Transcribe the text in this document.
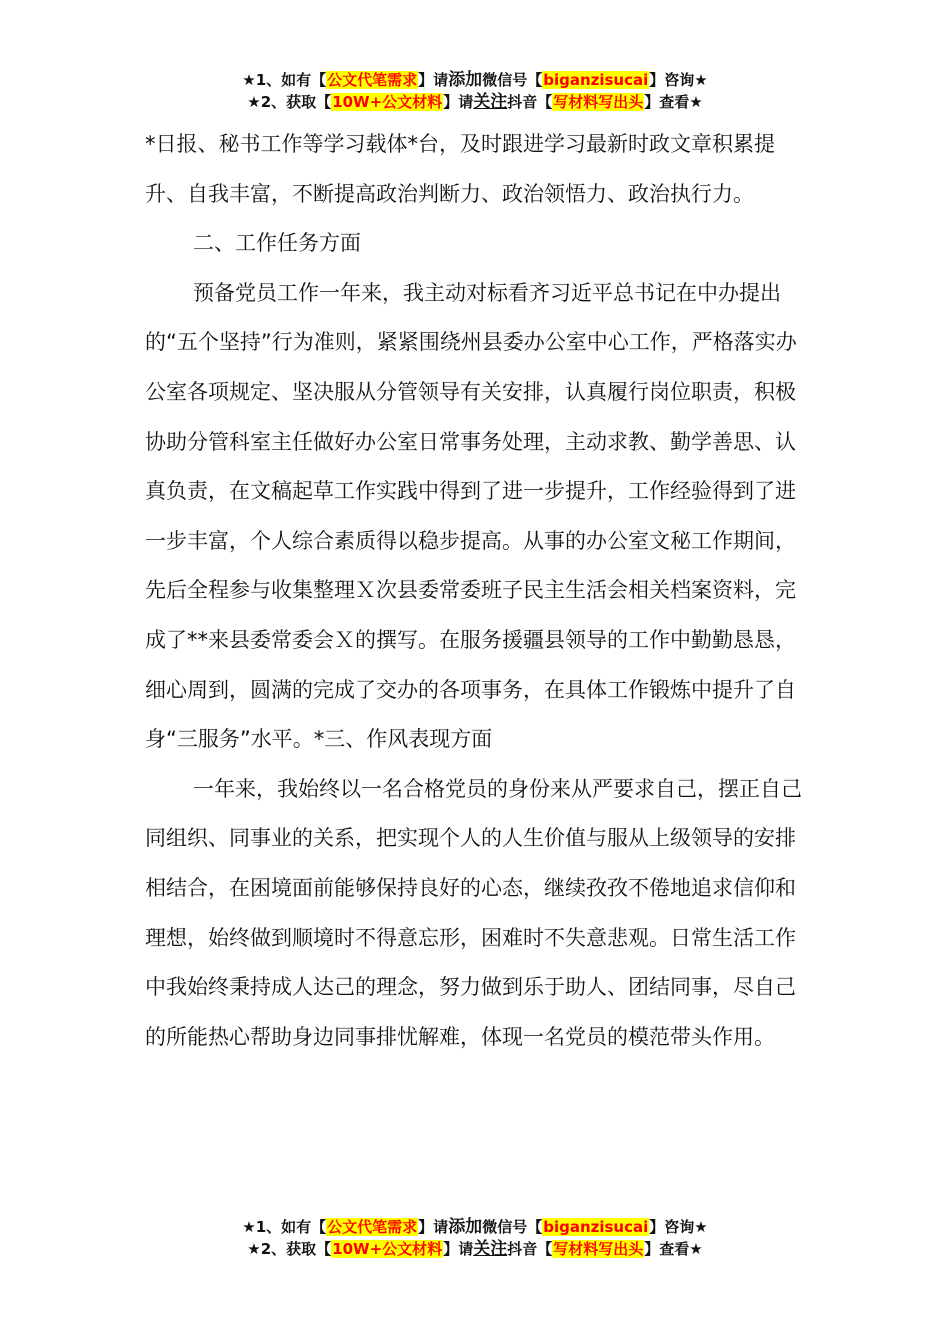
★1、如有【公文代笔需求】请添加微信号【biganzisucai】咨询★
★2、获取【10W+公文材料】请关注抖音【写材料写出头】查看★

*日报、秘书工作等学习载体*台，及时跟进学习最新时政文章积累提升、自我丰富，不断提高政治判断力、政治领悟力、政治执行力。

二、工作任务方面

预备党员工作一年来，我主动对标看齐习近平总书记在中办提出的“五个坚持”行为准则，紧紧围绕州县委办公室中心工作，严格落实办公室各项规定、坚决服从分管领导有关安排，认真履行岗位职责，积极协助分管科室主任做好办公室日常事务处理，主动求教、勤学善思、认真负责，在文稿起草工作实践中得到了进一步提升，工作经验得到了进一步丰富，个人综合素质得以稳步提高。从事的办公室文秘工作期间，先后全程参与收集整理Ｘ次县委常委班子民主生活会相关档案资料，完成了**来县委常委会Ｘ的撰写。在服务援疆县领导的工作中勤勤恳恳，细心周到，圆满的完成了交办的各项事务，在具体工作锻炼中提升了自身“三服务”水平。*三、作风表现方面

一年来，我始终以一名合格党员的身份来从严要求自己，摆正自己同组织、同事业的关系，把实现个人的人生价值与服从上级领导的安排相结合，在困境面前能够保持良好的心态，继续孜孜不倦地追求信仰和理想，始终做到顺境时不得意忘形，困难时不失意悲观。日常生活工作中我始终秉持成人达己的理念，努力做到乐于助人、团结同事，尽自己的所能热心帮助身边同事排忧解难，体现一名党员的模范带头作用。

★1、如有【公文代笔需求】请添加微信号【biganzisucai】咨询★
★2、获取【10W+公文材料】请关注抖音【写材料写出头】查看★
